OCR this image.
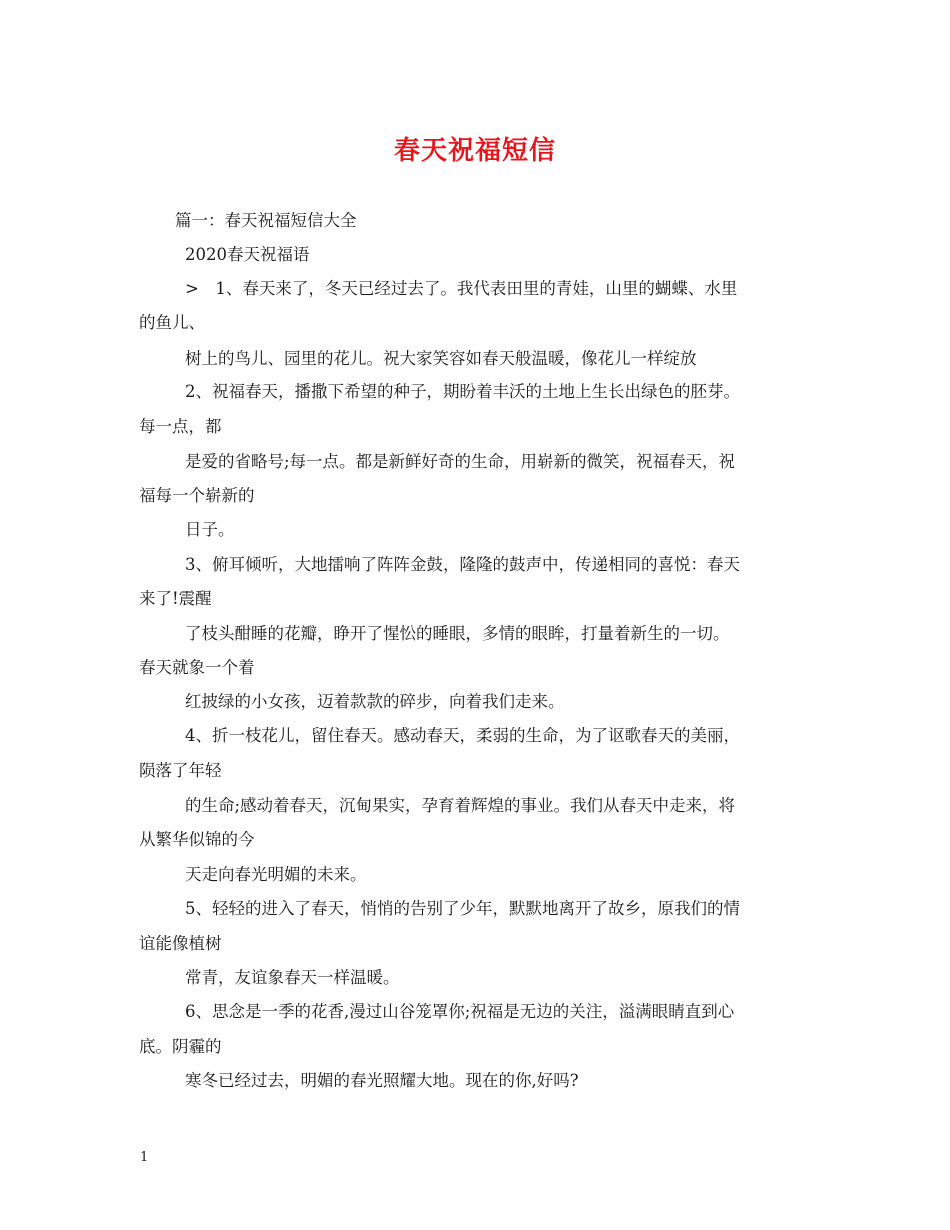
春天祝福短信
篇一：春天祝福短信大全
2020春天祝福语
>　1、春天来了，冬天已经过去了。我代表田里的青娃，山里的蝴蝶、水里
的鱼儿、
树上的鸟儿、园里的花儿。祝大家笑容如春天般温暖，像花儿一样绽放
2、祝福春天，播撒下希望的种子，期盼着丰沃的土地上生长出绿色的胚芽。
每一点，都
是爱的省略号;每一点。都是新鲜好奇的生命，用崭新的微笑，祝福春天，祝
福每一个崭新的
日子。
3、俯耳倾听，大地擂响了阵阵金鼓，隆隆的鼓声中，传递相同的喜悦：春天
来了!震醒
了枝头酣睡的花瓣，睁开了惺忪的睡眼，多情的眼眸，打量着新生的一切。
春天就象一个着
红披绿的小女孩，迈着款款的碎步，向着我们走来。
4、折一枝花儿，留住春天。感动春天，柔弱的生命，为了讴歌春天的美丽，
陨落了年轻
的生命;感动着春天，沉甸果实，孕育着辉煌的事业。我们从春天中走来，将
从繁华似锦的今
天走向春光明媚的未来。
5、轻轻的进入了春天，悄悄的告别了少年，默默地离开了故乡，原我们的情
谊能像植树
常青，友谊象春天一样温暖。
6、思念是一季的花香,漫过山谷笼罩你;祝福是无边的关注，溢满眼睛直到心
底。阴霾的
寒冬已经过去，明媚的春光照耀大地。现在的你,好吗?
1
